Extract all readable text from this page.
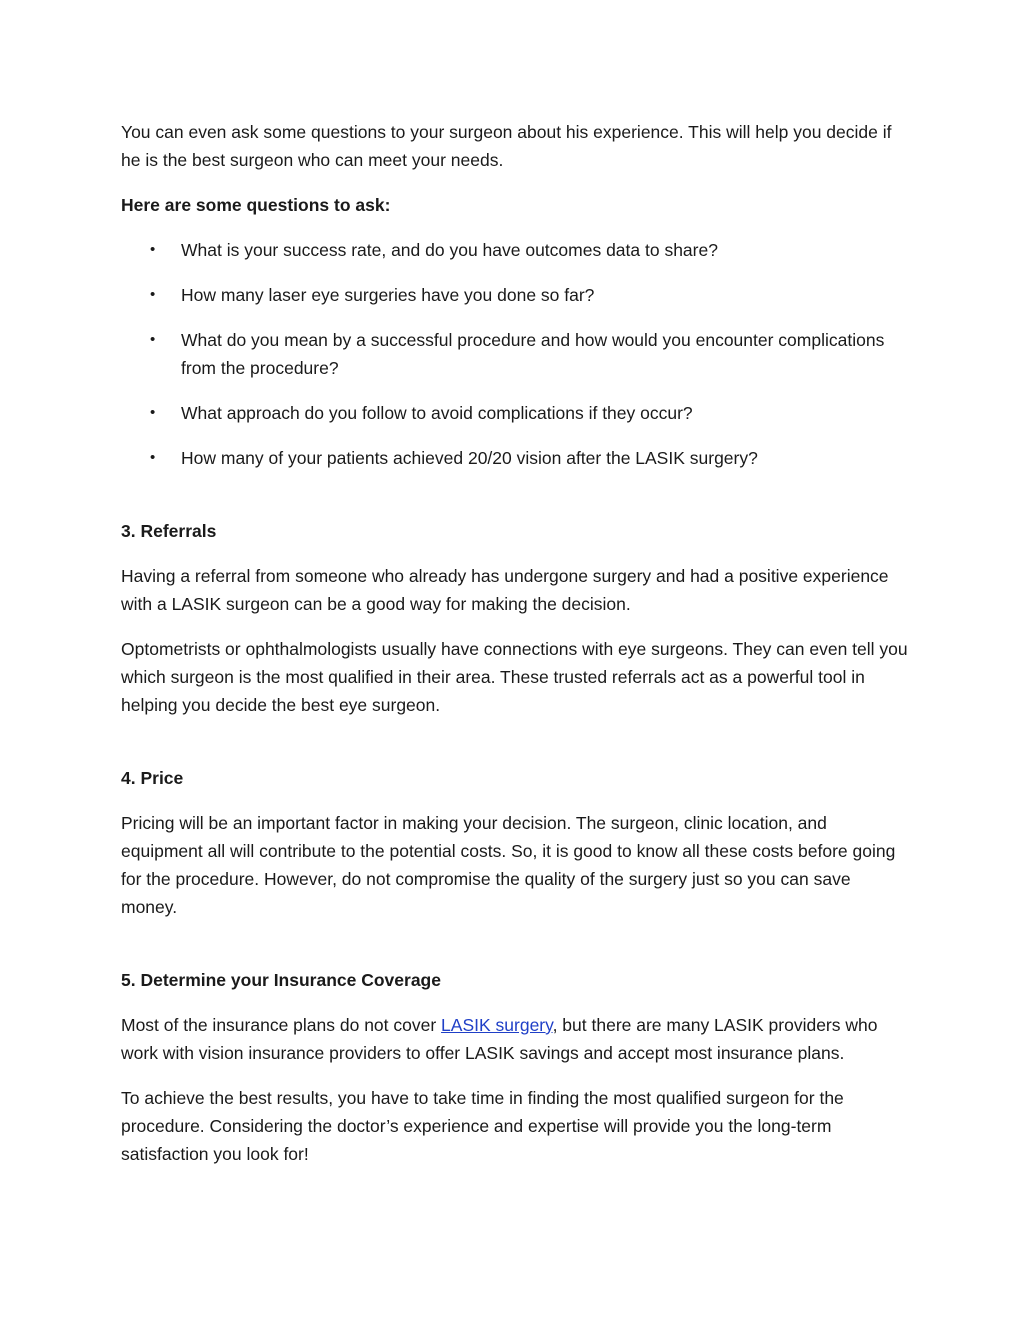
You can even ask some questions to your surgeon about his experience. This will help you decide if he is the best surgeon who can meet your needs.

Here are some questions to ask:

• What is your success rate, and do you have outcomes data to share?
• How many laser eye surgeries have you done so far?
• What do you mean by a successful procedure and how would you encounter complications from the procedure?
• What approach do you follow to avoid complications if they occur?
• How many of your patients achieved 20/20 vision after the LASIK surgery?

3. Referrals

Having a referral from someone who already has undergone surgery and had a positive experience with a LASIK surgeon can be a good way for making the decision.

Optometrists or ophthalmologists usually have connections with eye surgeons. They can even tell you which surgeon is the most qualified in their area. These trusted referrals act as a powerful tool in helping you decide the best eye surgeon.

4. Price

Pricing will be an important factor in making your decision. The surgeon, clinic location, and equipment all will contribute to the potential costs. So, it is good to know all these costs before going for the procedure. However, do not compromise the quality of the surgery just so you can save money.

5. Determine your Insurance Coverage

Most of the insurance plans do not cover LASIK surgery, but there are many LASIK providers who work with vision insurance providers to offer LASIK savings and accept most insurance plans.

To achieve the best results, you have to take time in finding the most qualified surgeon for the procedure. Considering the doctor’s experience and expertise will provide you the long-term satisfaction you look for!
